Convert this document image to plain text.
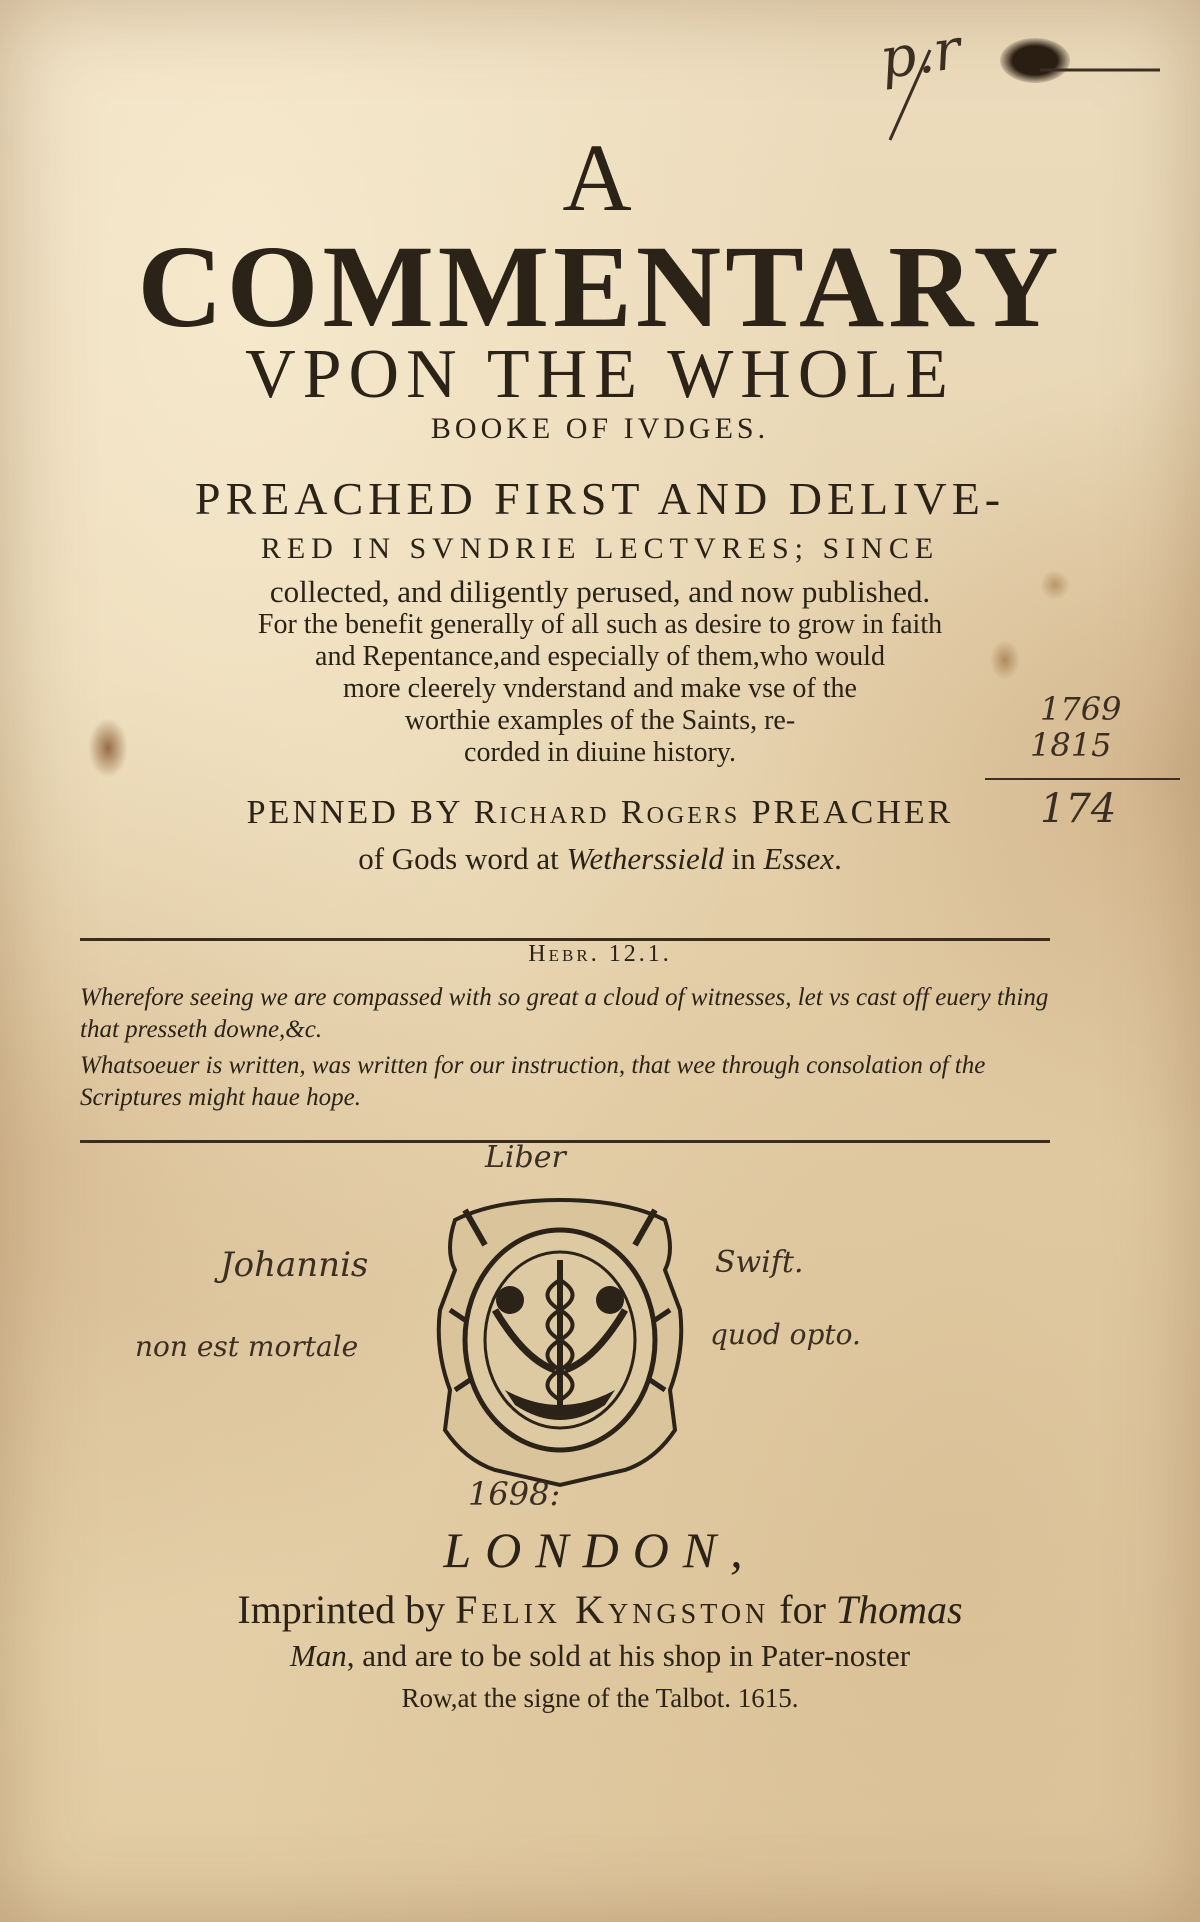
p.r
A
COMMENTARY
VPON THE WHOLE
BOOKE OF IVDGES.
PREACHED FIRST AND DELIVE-
RED IN SVNDRIE LECTVRES; SINCE
collected, and diligently perused, and now published.
For the benefit generally of all such as desire to grow in faith
and Repentance,and especially of them,who would
more cleerely vnderstand and make vse of the
worthie examples of the Saints, re-
corded in diuine history.
1769
1815
174
PENNED BY Richard Rogers PREACHER
of Gods word at Wetherssield in Essex.
Hebr. 12.1.
Wherefore seeing we are compassed with so great a cloud of witnesses, let vs cast off euery thing that presseth downe,&c.
Whatsoeuer is written, was written for our instruction, that wee through consolation of the Scriptures might haue hope.
Liber
Johannis	Swift.
non est mortale	quod opto.
1698:
LONDON,
Imprinted by Felix Kyngston for Thomas
Man, and are to be sold at his shop in Pater-noster
Row,at the signe of the Talbot. 1615.
